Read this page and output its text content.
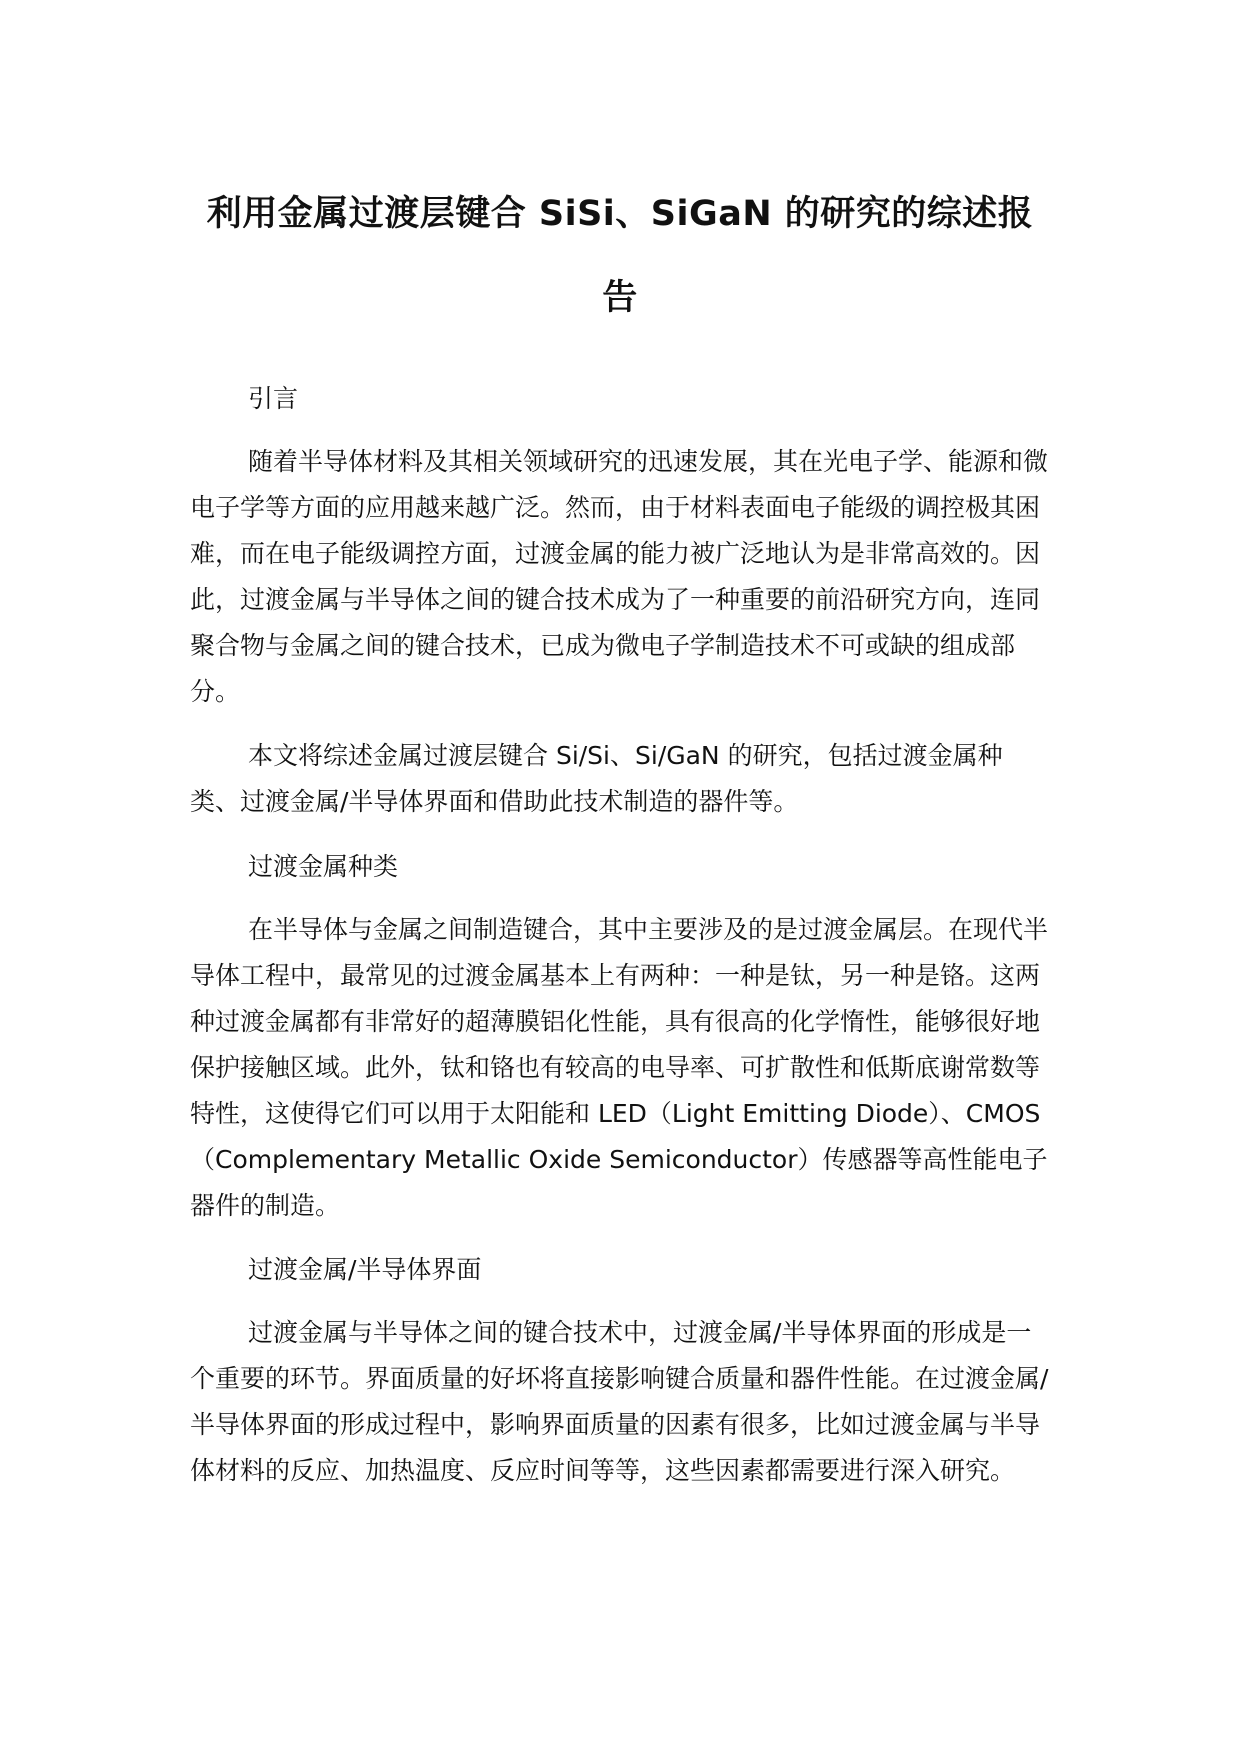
利用金属过渡层键合 SiSi、SiGaN 的研究的综述报告

引言

随着半导体材料及其相关领域研究的迅速发展，其在光电子学、能源和微电子学等方面的应用越来越广泛。然而，由于材料表面电子能级的调控极其困难，而在电子能级调控方面，过渡金属的能力被广泛地认为是非常高效的。因此，过渡金属与半导体之间的键合技术成为了一种重要的前沿研究方向，连同聚合物与金属之间的键合技术，已成为微电子学制造技术不可或缺的组成部分。

本文将综述金属过渡层键合 Si/Si、Si/GaN 的研究，包括过渡金属种类、过渡金属/半导体界面和借助此技术制造的器件等。

过渡金属种类

在半导体与金属之间制造键合，其中主要涉及的是过渡金属层。在现代半导体工程中，最常见的过渡金属基本上有两种：一种是钛，另一种是铬。这两种过渡金属都有非常好的超薄膜铝化性能，具有很高的化学惰性，能够很好地保护接触区域。此外，钛和铬也有较高的电导率、可扩散性和低斯底谢常数等特性，这使得它们可以用于太阳能和 LED（Light Emitting Diode）、CMOS（Complementary Metallic Oxide Semiconductor）传感器等高性能电子器件的制造。

过渡金属/半导体界面

过渡金属与半导体之间的键合技术中，过渡金属/半导体界面的形成是一个重要的环节。界面质量的好坏将直接影响键合质量和器件性能。在过渡金属/半导体界面的形成过程中，影响界面质量的因素有很多，比如过渡金属与半导体材料的反应、加热温度、反应时间等等，这些因素都需要进行深入研究。
